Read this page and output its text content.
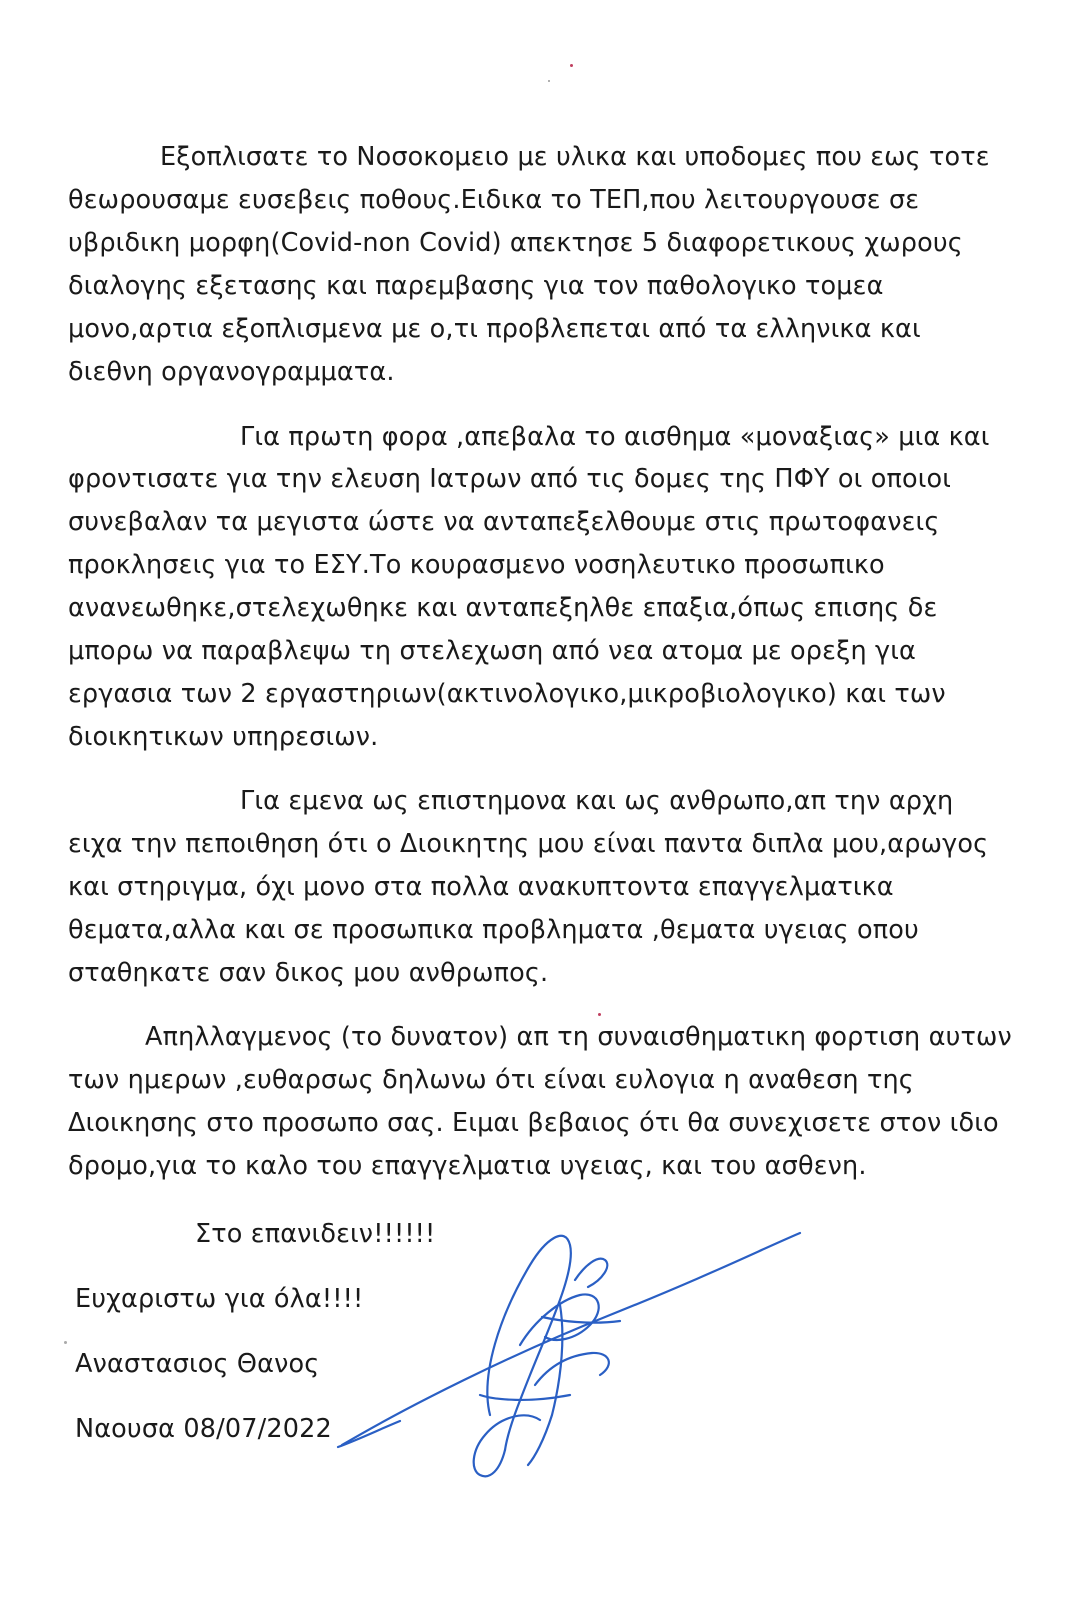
Εξοπλισατε το Νοσοκομειο με υλικα και υποδομες που εως τοτε
θεωρουσαμε ευσεβεις ποθους.Ειδικα το ΤΕΠ,που λειτουργουσε σε
υβριδικη μορφη(Covid-non Covid) απεκτησε 5 διαφορετικους χωρους
διαλογης εξετασης και παρεμβασης για τον παθολογικο τομεα
μονο,αρτια εξοπλισμενα με ο,τι προβλεπεται από τα ελληνικα και
διεθνη οργανογραμματα.
Για πρωτη φορα ,απεβαλα το αισθημα «μοναξιας» μια και
φροντισατε για την ελευση Ιατρων από τις δομες της ΠΦΥ οι οποιοι
συνεβαλαν τα μεγιστα ώστε να ανταπεξελθουμε στις πρωτοφανεις
προκλησεις για το ΕΣΥ.Το κουρασμενο νοσηλευτικο προσωπικο
ανανεωθηκε,στελεχωθηκε και ανταπεξηλθε επαξια,όπως επισης δε
μπορω να παραβλεψω τη στελεχωση από νεα ατομα με ορεξη για
εργασια των 2 εργαστηριων(ακτινολογικο,μικροβιολογικο) και των
διοικητικων υπηρεσιων.
Για εμενα ως επιστημονα και ως ανθρωπο,απ την αρχη
ειχα την πεποιθηση ότι ο Διοικητης μου είναι παντα διπλα μου,αρωγος
και στηριγμα, όχι μονο στα πολλα ανακυπτοντα επαγγελματικα
θεματα,αλλα και σε προσωπικα προβληματα ,θεματα υγειας οπου
σταθηκατε σαν δικος μου ανθρωπος.
Απηλλαγμενος (το δυνατον) απ τη συναισθηματικη φορτιση αυτων
των ημερων ,ευθαρσως δηλωνω ότι είναι ευλογια η αναθεση της
Διοικησης στο προσωπο σας. Ειμαι βεβαιος ότι θα συνεχισετε στον ιδιο
δρομο,για το καλο του επαγγελματια υγειας, και του ασθενη.
Στο επανιδειν!!!!!!
Ευχαριστω για όλα!!!!
Αναστασιος Θανος
Ναουσα 08/07/2022
